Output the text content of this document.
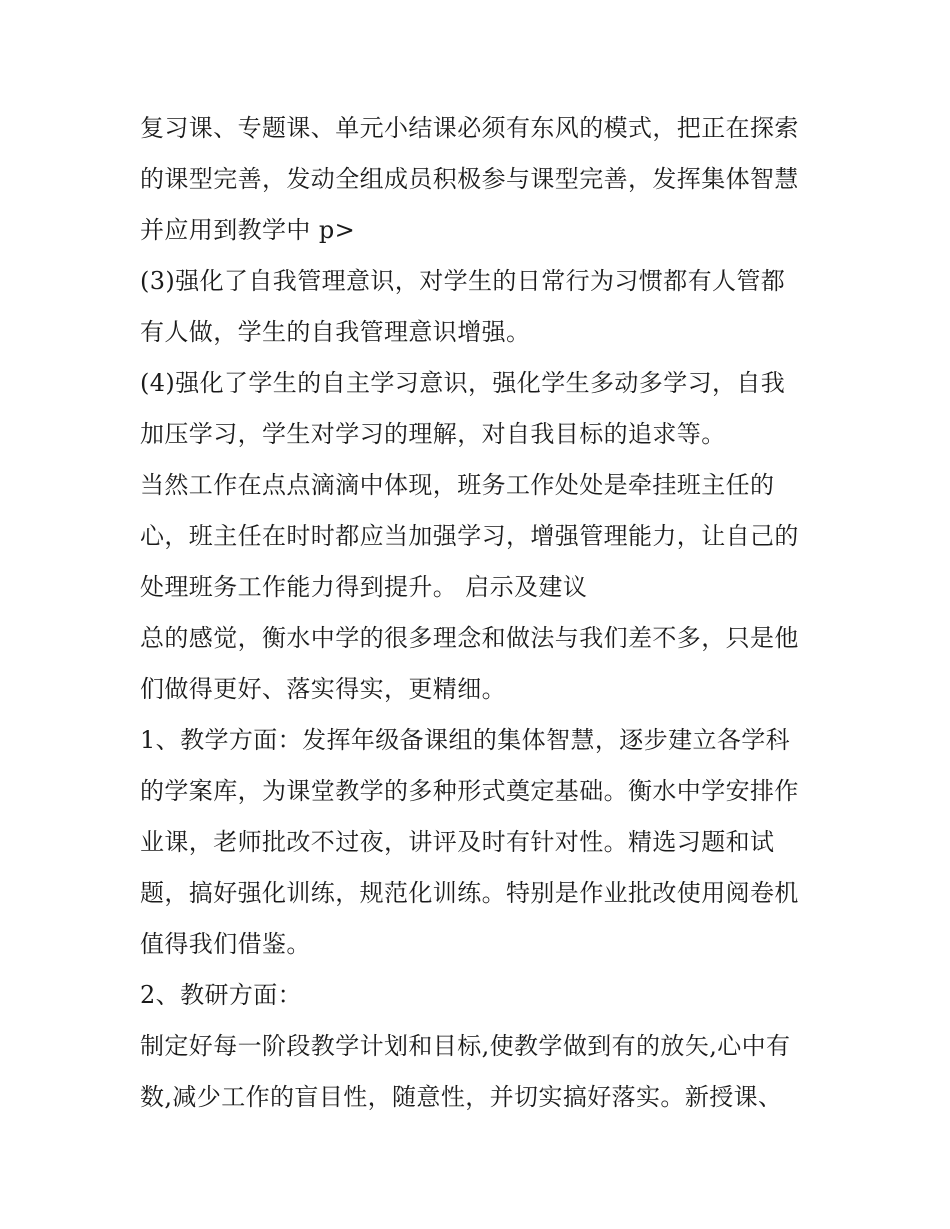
复习课、专题课、单元小结课必须有东风的模式，把正在探索
的课型完善，发动全组成员积极参与课型完善，发挥集体智慧
并应用到教学中 p>
(3)强化了自我管理意识，对学生的日常行为习惯都有人管都
有人做，学生的自我管理意识增强。
(4)强化了学生的自主学习意识，强化学生多动多学习，自我
加压学习，学生对学习的理解，对自我目标的追求等。
当然工作在点点滴滴中体现，班务工作处处是牵挂班主任的
心，班主任在时时都应当加强学习，增强管理能力，让自己的
处理班务工作能力得到提升。 启示及建议
总的感觉，衡水中学的很多理念和做法与我们差不多，只是他
们做得更好、落实得实，更精细。
1、教学方面：发挥年级备课组的集体智慧，逐步建立各学科
的学案库，为课堂教学的多种形式奠定基础。衡水中学安排作
业课，老师批改不过夜，讲评及时有针对性。精选习题和试
题，搞好强化训练，规范化训练。特别是作业批改使用阅卷机
值得我们借鉴。
2、教研方面：
制定好每一阶段教学计划和目标,使教学做到有的放矢,心中有
数,减少工作的盲目性，随意性，并切实搞好落实。新授课、
